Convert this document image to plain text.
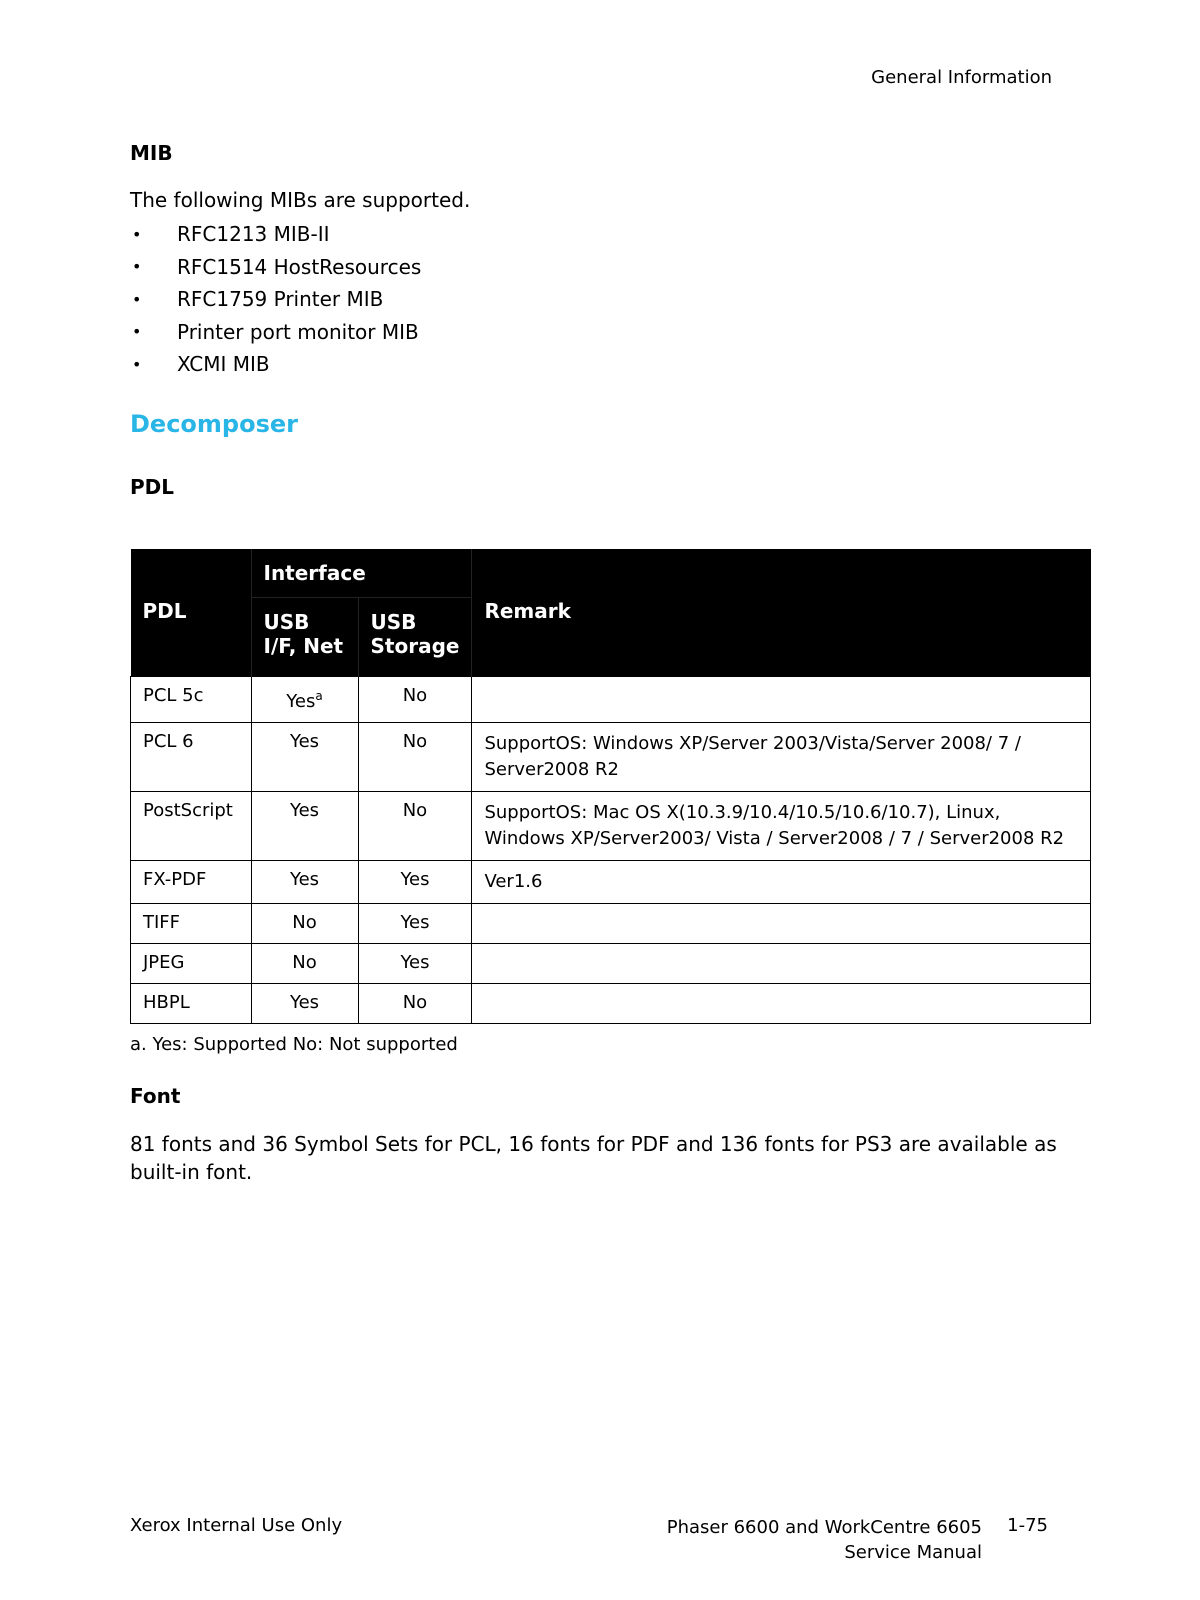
General Information
MIB
The following MIBs are supported.
•	RFC1213 MIB-II
•	RFC1514 HostResources
•	RFC1759 Printer MIB
•	Printer port monitor MIB
•	XCMI MIB
Decomposer
PDL
PDL	Interface		Remark
	USB I/F, Net	USB Storage	
PCL 5c	Yes$^a$	No	
PCL 6	Yes	No	SupportOS: Windows XP/Server 2003/Vista/Server 2008/ 7 / Server2008 R2
PostScript	Yes	No	SupportOS: Mac OS X(10.3.9/10.4/10.5/10.6/10.7), Linux, Windows XP/Server2003/ Vista / Server2008 / 7 / Server2008 R2
FX-PDF	Yes	Yes	Ver1.6
TIFF	No	Yes	
JPEG	No	Yes	
HBPL	Yes	No	
a. Yes: Supported No: Not supported
Font
81 fonts and 36 Symbol Sets for PCL, 16 fonts for PDF and 136 fonts for PS3 are available as built-in font.
Xerox Internal Use Only	Phaser 6600 and WorkCentre 6605
Service Manual
1-75
